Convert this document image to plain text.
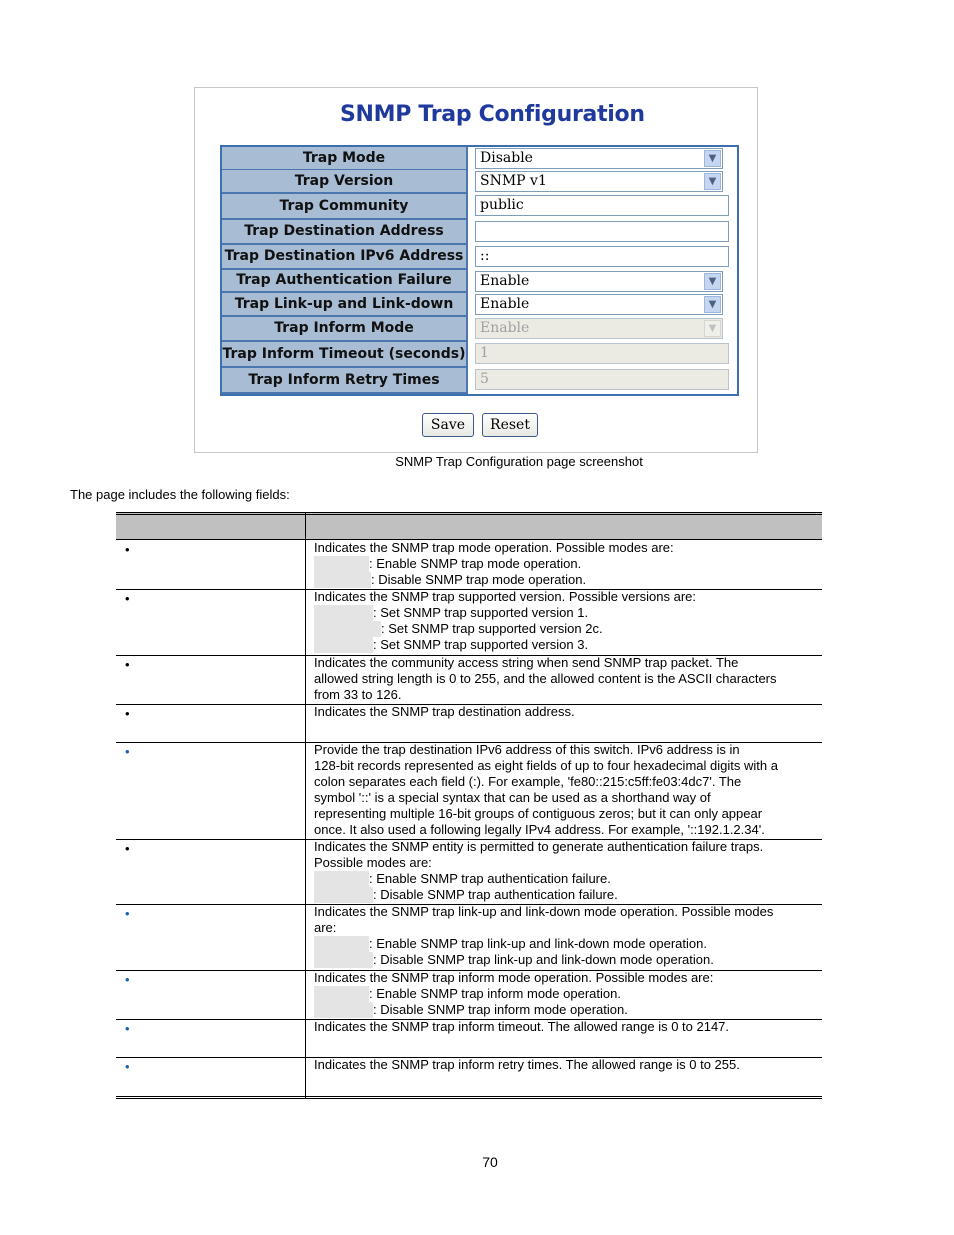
SNMP Trap Configuration
Trap Mode	Disable	▼
Trap Version	SNMP v1	▼
Trap Community	public
Trap Destination Address
Trap Destination IPv6 Address	::
Trap Authentication Failure	Enable	▼
Trap Link-up and Link-down	Enable	▼
Trap Inform Mode	Enable	▼
Trap Inform Timeout (seconds)	1
Trap Inform Retry Times	5
Save	Reset
SNMP Trap Configuration page screenshot
The page includes the following fields:
•	Indicates the SNMP trap mode operation. Possible modes are:

: Enable SNMP trap mode operation.
: Disable SNMP trap mode operation.
•	Indicates the SNMP trap supported version. Possible versions are:

: Set SNMP trap supported version 1.
: Set SNMP trap supported version 2c.
: Set SNMP trap supported version 3.
•	Indicates the community access string when send SNMP trap packet. The

allowed string length is 0 to 255, and the allowed content is the ASCII characters

from 33 to 126.

•	Indicates the SNMP trap destination address.

•	Provide the trap destination IPv6 address of this switch. IPv6 address is in

128-bit records represented as eight fields of up to four hexadecimal digits with a

colon separates each field (:). For example, 'fe80::215:c5ff:fe03:4dc7'. The

symbol '::' is a special syntax that can be used as a shorthand way of

representing multiple 16-bit groups of contiguous zeros; but it can only appear

once. It also used a following legally IPv4 address. For example, '::192.1.2.34'.

•	Indicates the SNMP entity is permitted to generate authentication failure traps.

Possible modes are:

: Enable SNMP trap authentication failure.
: Disable SNMP trap authentication failure.
•	Indicates the SNMP trap link-up and link-down mode operation. Possible modes

are:

: Enable SNMP trap link-up and link-down mode operation.
: Disable SNMP trap link-up and link-down mode operation.
•	Indicates the SNMP trap inform mode operation. Possible modes are:

: Enable SNMP trap inform mode operation.
: Disable SNMP trap inform mode operation.
•	Indicates the SNMP trap inform timeout. The allowed range is 0 to 2147.

•	Indicates the SNMP trap inform retry times. The allowed range is 0 to 255.

70
